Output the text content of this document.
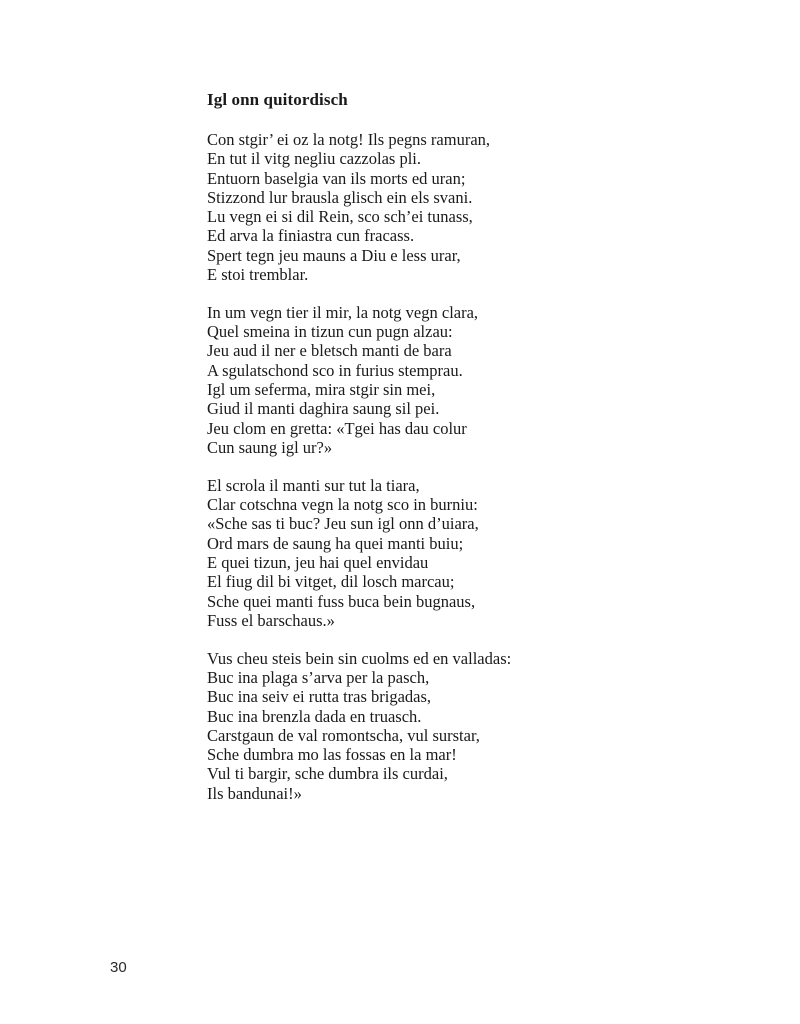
Igl onn quitordisch
Con stgir’ ei oz la notg! Ils pegns ramuran,
En tut il vitg negliu cazzolas pli.
Entuorn baselgia van ils morts ed uran;
Stizzond lur brausla glisch ein els svani.
Lu vegn ei si dil Rein, sco sch’ei tunass,
Ed arva la finiastra cun fracass.
Spert tegn jeu mauns a Diu e less urar,
E stoi tremblar.
In um vegn tier il mir, la notg vegn clara,
Quel smeina in tizun cun pugn alzau:
Jeu aud il ner e bletsch manti de bara
A sgulatschond sco in furius stemprau.
Igl um seferma, mira stgir sin mei,
Giud il manti daghira saung sil pei.
Jeu clom en gretta: «Tgei has dau colur
Cun saung igl ur?»
El scrola il manti sur tut la tiara,
Clar cotschna vegn la notg sco in burniu:
«Sche sas ti buc? Jeu sun igl onn d’uiara,
Ord mars de saung ha quei manti buiu;
E quei tizun, jeu hai quel envidau
El fiug dil bi vitget, dil losch marcau;
Sche quei manti fuss buca bein bugnaus,
Fuss el barschaus.»
Vus cheu steis bein sin cuolms ed en valladas:
Buc ina plaga s’arva per la pasch,
Buc ina seiv ei rutta tras brigadas,
Buc ina brenzla dada en truasch.
Carstgaun de val romontscha, vul surstar,
Sche dumbra mo las fossas en la mar!
Vul ti bargir, sche dumbra ils curdai,
Ils bandunai!»
30
